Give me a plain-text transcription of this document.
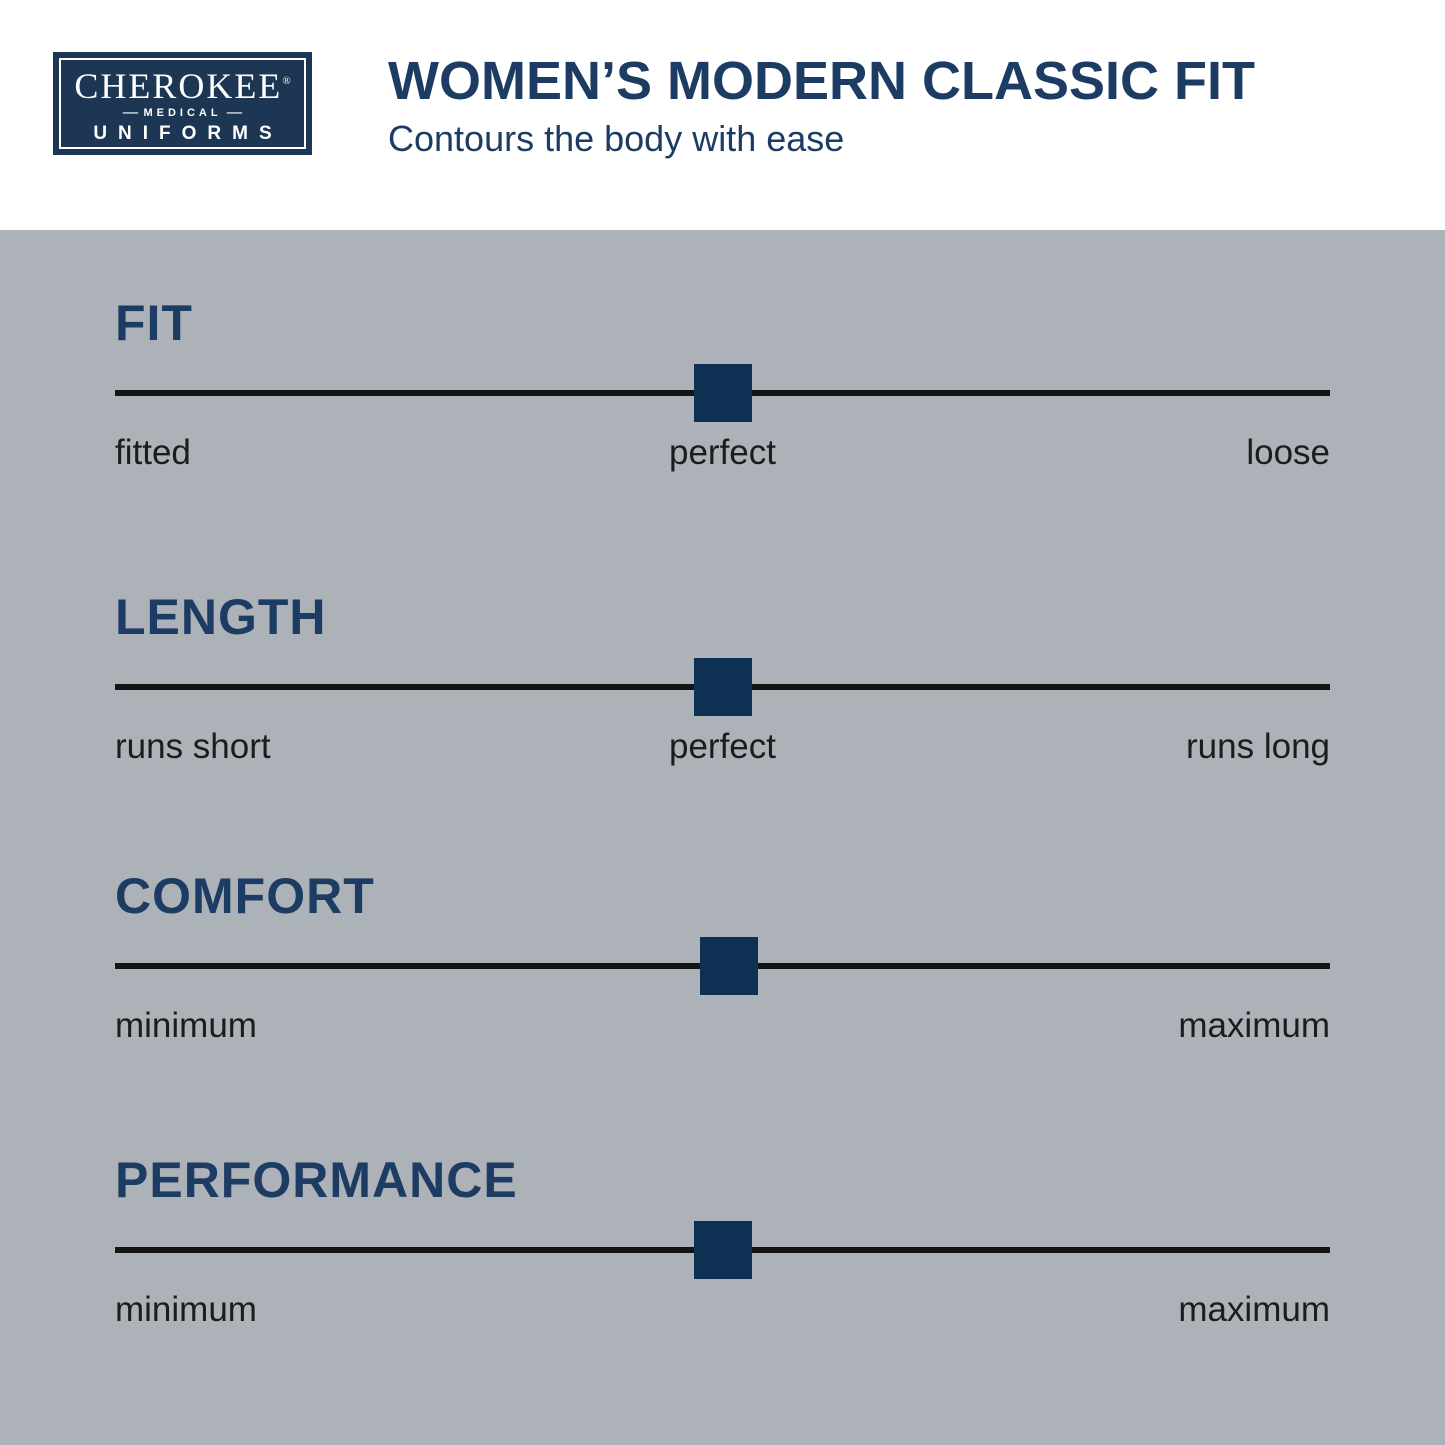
CHEROKEE®
— MEDICAL —
UNIFORMS
WOMEN’S MODERN CLASSIC FIT

Contours the body with ease

FIT
fitted	perfect	loose
LENGTH
runs short	perfect	runs long
COMFORT
minimum	maximum
PERFORMANCE
minimum	maximum
